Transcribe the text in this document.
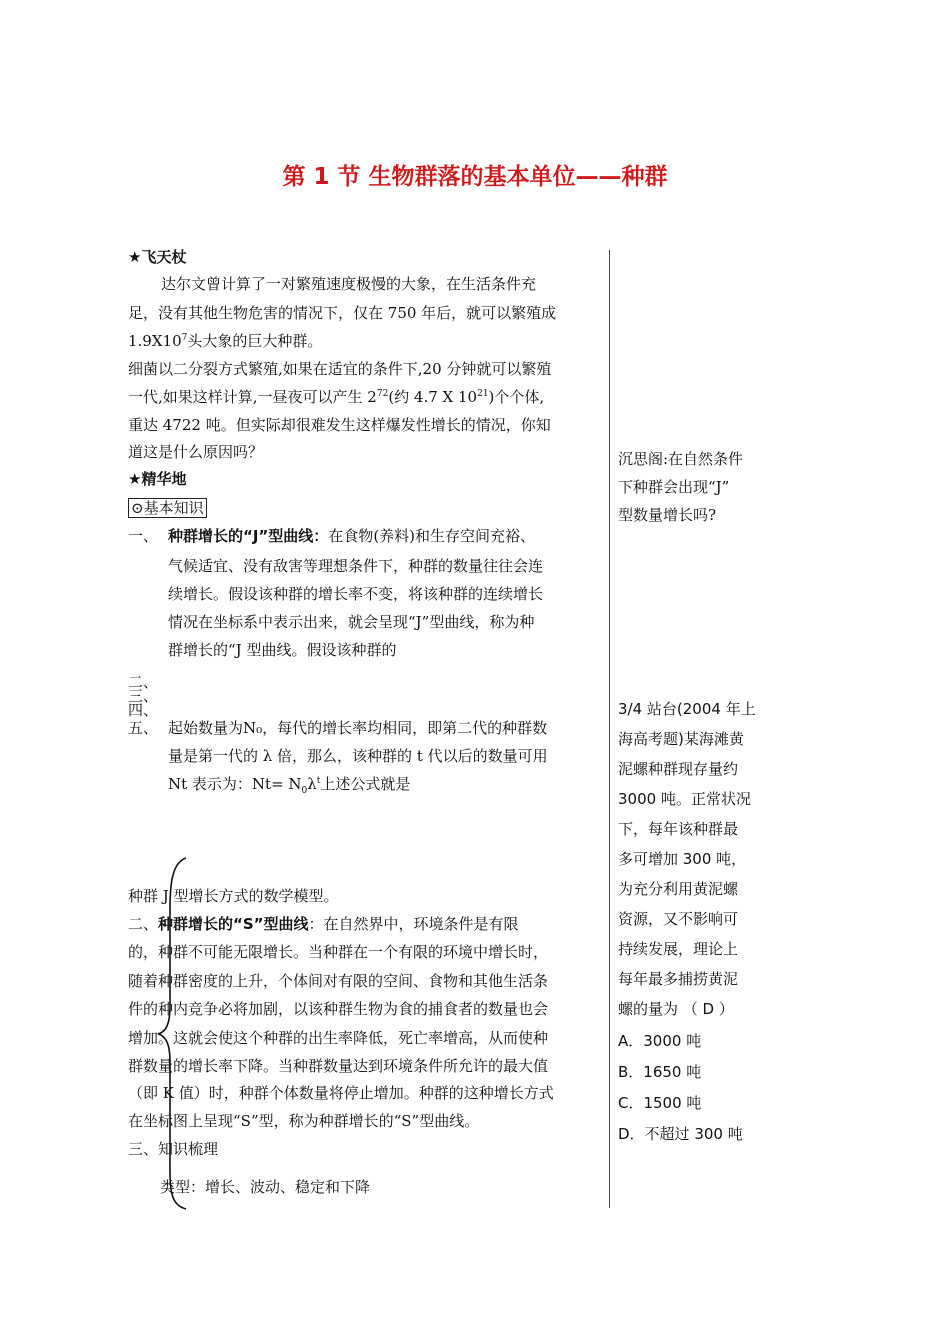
第 1 节 生物群落的基本单位——种群
★飞天杖
达尔文曾计算了一对繁殖速度极慢的大象，在生活条件充
足，没有其他生物危害的情况下，仅在 750 年后，就可以繁殖成
$1.9X10^7$头大象的巨大种群。
细菌以二分裂方式繁殖,如果在适宜的条件下,20 分钟就可以繁殖
一代,如果这样计算,一昼夜可以产生 $2^{72}$(约 4.7 X $10^{21}$)个个体,
重达 4722 吨。但实际却很难发生这样爆发性增长的情况，你知
道这是什么原因吗？
★精华地
⊙基本知识
一、 种群增长的“J”型曲线：在食物(养料)和生存空间充裕、
气候适宜、没有敌害等理想条件下，种群的数量往往会连
续增长。假设该种群的增长率不变，将该种群的连续增长
情况在坐标系中表示出来，就会呈现“J”型曲线，称为种
群增长的“J 型曲线。假设该种群的
二、
三、
四、
五、 起始数量为N₀，每代的增长率均相同，即第二代的种群数
量是第一代的 λ 倍，那么，该种群的 t 代以后的数量可用
Nt 表示为：$Nt= N_0\lambda^t$上述公式就是
种群 J 型增长方式的数学模型。
二、种群增长的“S”型曲线：在自然界中，环境条件是有限
的，种群不可能无限增长。当种群在一个有限的环境中增长时，
随着种群密度的上升，个体间对有限的空间、食物和其他生活条
件的种内竞争必将加剧，以该种群生物为食的捕食者的数量也会
增加。这就会使这个种群的出生率降低，死亡率增高，从而使种
群数量的增长率下降。当种群数量达到环境条件所允许的最大值
（即 K 值）时，种群个体数量将停止增加。种群的这种增长方式
在坐标图上呈现“S”型，称为种群增长的“S”型曲线。
三、知识梳理
类型：增长、波动、稳定和下降
沉思阁:在自然条件
下种群会出现“J”
型数量增长吗?
3/4 站台(2004 年上
海高考题)某海滩黄
泥螺种群现存量约
3000 吨。正常状况
下，每年该种群最
多可增加 300 吨，
为充分利用黄泥螺
资源，又不影响可
持续发展，理论上
每年最多捕捞黄泥
螺的量为 （ D ）
A．3000 吨
B．1650 吨
C．1500 吨
D．不超过 300 吨
